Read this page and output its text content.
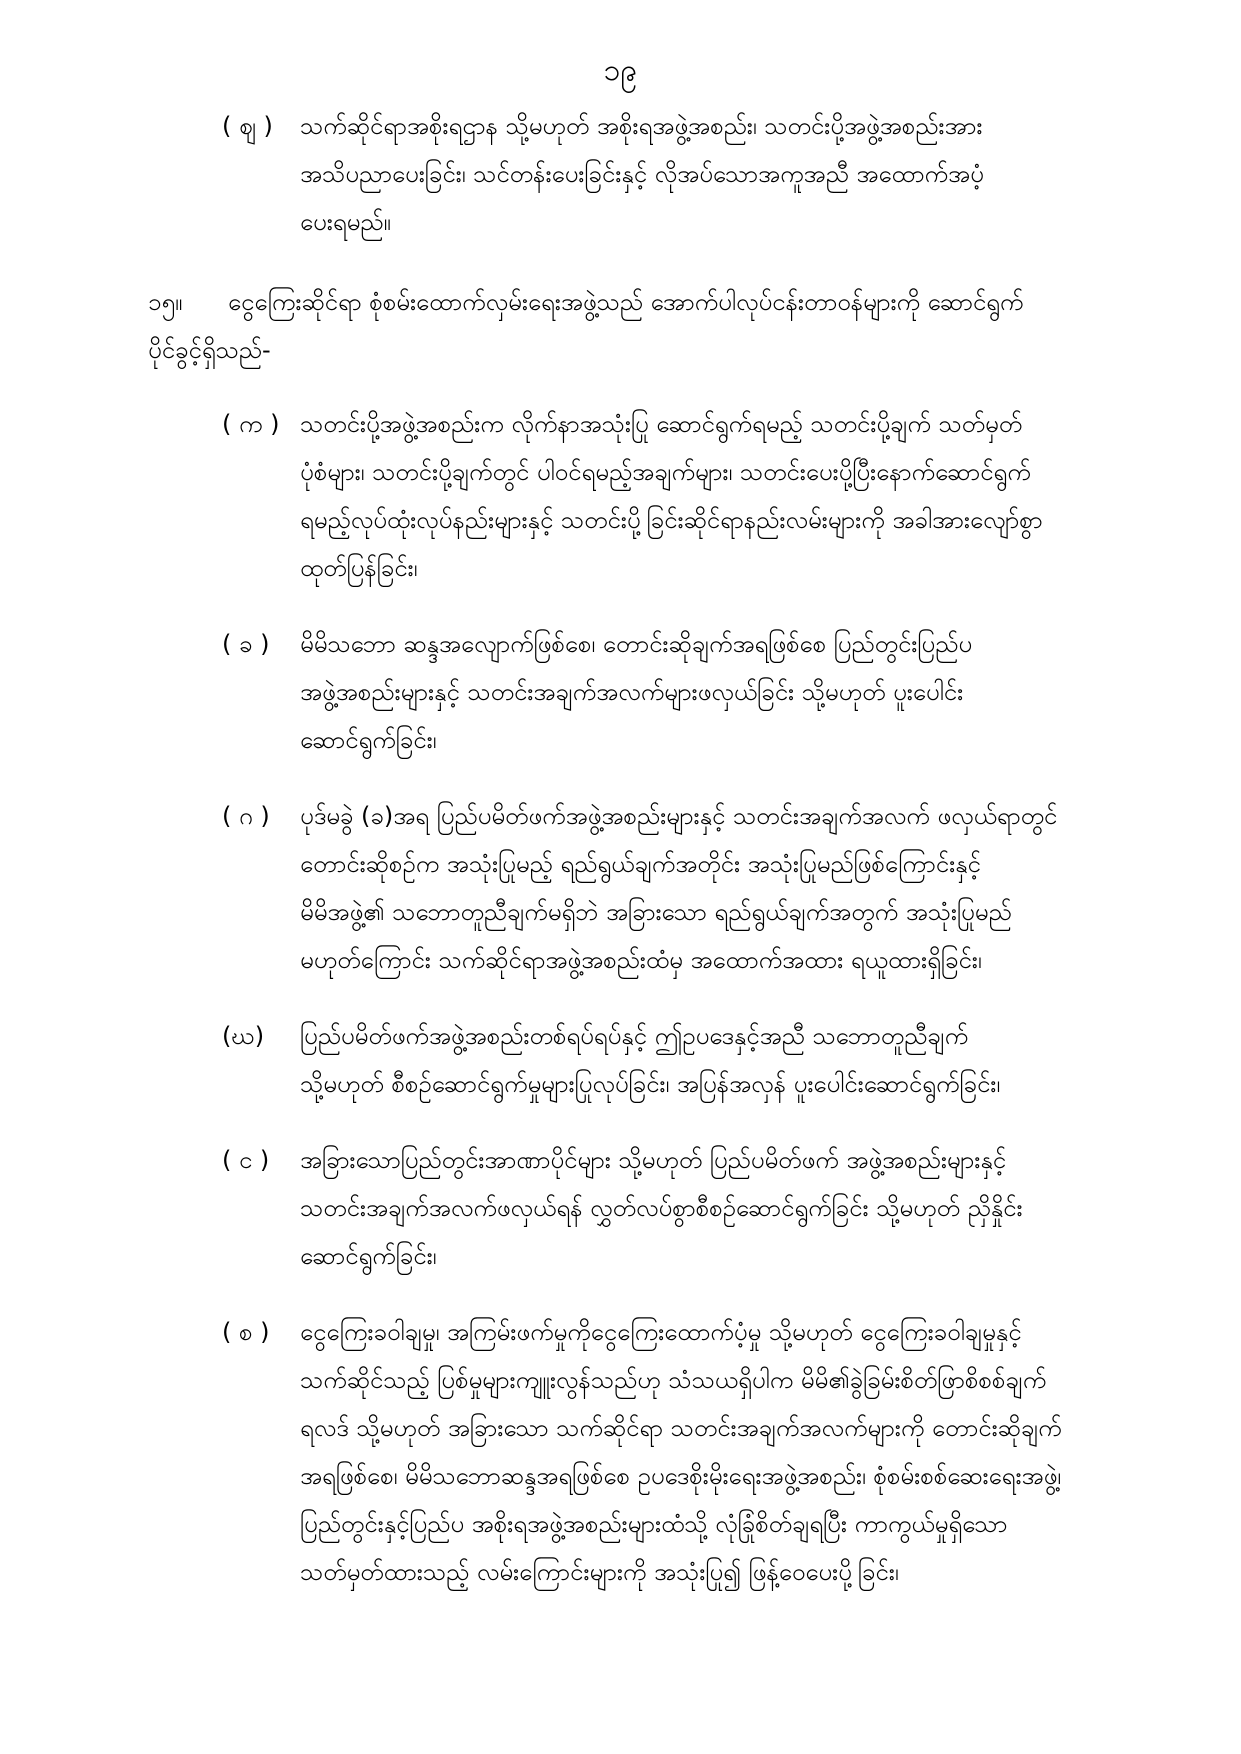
၁၉
( ဈ ) သက်ဆိုင်ရာအစိုးရဌာန သို့မဟုတ် အစိုးရအဖွဲ့အစည်း၊ သတင်းပို့အဖွဲ့အစည်းအား
အသိပညာပေးခြင်း၊ သင်တန်းပေးခြင်းနှင့် လိုအပ်သောအကူအညီ အထောက်အပံ့
ပေးရမည်။
၁၅။ ငွေကြေးဆိုင်ရာ စုံစမ်းထောက်လှမ်းရေးအဖွဲ့သည် အောက်ပါလုပ်ငန်းတာဝန်များကို ဆောင်ရွက်
ပိုင်ခွင့်ရှိသည်-
( က ) သတင်းပို့အဖွဲ့အစည်းက လိုက်နာအသုံးပြု ဆောင်ရွက်ရမည့် သတင်းပို့ချက် သတ်မှတ်
ပုံစံများ၊ သတင်းပို့ချက်တွင် ပါဝင်ရမည့်အချက်များ၊ သတင်းပေးပို့ပြီးနောက်ဆောင်ရွက်
ရမည့်လုပ်ထုံးလုပ်နည်းများနှင့် သတင်းပို့ခြင်းဆိုင်ရာနည်းလမ်းများကို အခါအားလျော်စွာ
ထုတ်ပြန်ခြင်း၊
( ခ ) မိမိသဘော ဆန္ဒအလျောက်ဖြစ်စေ၊ တောင်းဆိုချက်အရဖြစ်စေ ပြည်တွင်းပြည်ပ
အဖွဲ့အစည်းများနှင့် သတင်းအချက်အလက်များဖလှယ်ခြင်း သို့မဟုတ် ပူးပေါင်း
ဆောင်ရွက်ခြင်း၊
( ဂ ) ပုဒ်မခွဲ (ခ)အရ ပြည်ပမိတ်ဖက်အဖွဲ့အစည်းများနှင့် သတင်းအချက်အလက် ဖလှယ်ရာတွင်
တောင်းဆိုစဉ်က အသုံးပြုမည့် ရည်ရွယ်ချက်အတိုင်း အသုံးပြုမည်ဖြစ်ကြောင်းနှင့်
မိမိအဖွဲ့၏ သဘောတူညီချက်မရှိဘဲ အခြားသော ရည်ရွယ်ချက်အတွက် အသုံးပြုမည်
မဟုတ်ကြောင်း သက်ဆိုင်ရာအဖွဲ့အစည်းထံမှ အထောက်အထား ရယူထားရှိခြင်း၊
(ဃ) ပြည်ပမိတ်ဖက်အဖွဲ့အစည်းတစ်ရပ်ရပ်နှင့် ဤဥပဒေနှင့်အညီ သဘောတူညီချက်
သို့မဟုတ် စီစဉ်ဆောင်ရွက်မှုများပြုလုပ်ခြင်း၊ အပြန်အလှန် ပူးပေါင်းဆောင်ရွက်ခြင်း၊
( င ) အခြားသောပြည်တွင်းအာဏာပိုင်များ သို့မဟုတ် ပြည်ပမိတ်ဖက် အဖွဲ့အစည်းများနှင့်
သတင်းအချက်အလက်ဖလှယ်ရန် လွှတ်လပ်စွာစီစဉ်ဆောင်ရွက်ခြင်း သို့မဟုတ် ညှိနှိုင်း
ဆောင်ရွက်ခြင်း၊
( စ ) ငွေကြေးခဝါချမှု၊ အကြမ်းဖက်မှုကိုငွေကြေးထောက်ပံ့မှု သို့မဟုတ် ငွေကြေးခဝါချမှုနှင့်
သက်ဆိုင်သည့် ပြစ်မှုများကျူးလွန်သည်ဟု သံသယရှိပါက မိမိ၏ခွဲခြမ်းစိတ်ဖြာစိစစ်ချက်
ရလဒ် သို့မဟုတ် အခြားသော သက်ဆိုင်ရာ သတင်းအချက်အလက်များကို တောင်းဆိုချက်
အရဖြစ်စေ၊ မိမိသဘောဆန္ဒအရဖြစ်စေ ဥပဒေစိုးမိုးရေးအဖွဲ့အစည်း၊ စုံစမ်းစစ်ဆေးရေးအဖွဲ့၊
ပြည်တွင်းနှင့်ပြည်ပ အစိုးရအဖွဲ့အစည်းများထံသို့ လုံခြုံစိတ်ချရပြီး ကာကွယ်မှုရှိသော
သတ်မှတ်ထားသည့် လမ်းကြောင်းများကို အသုံးပြု၍ ဖြန့်ဝေပေးပို့ခြင်း၊
